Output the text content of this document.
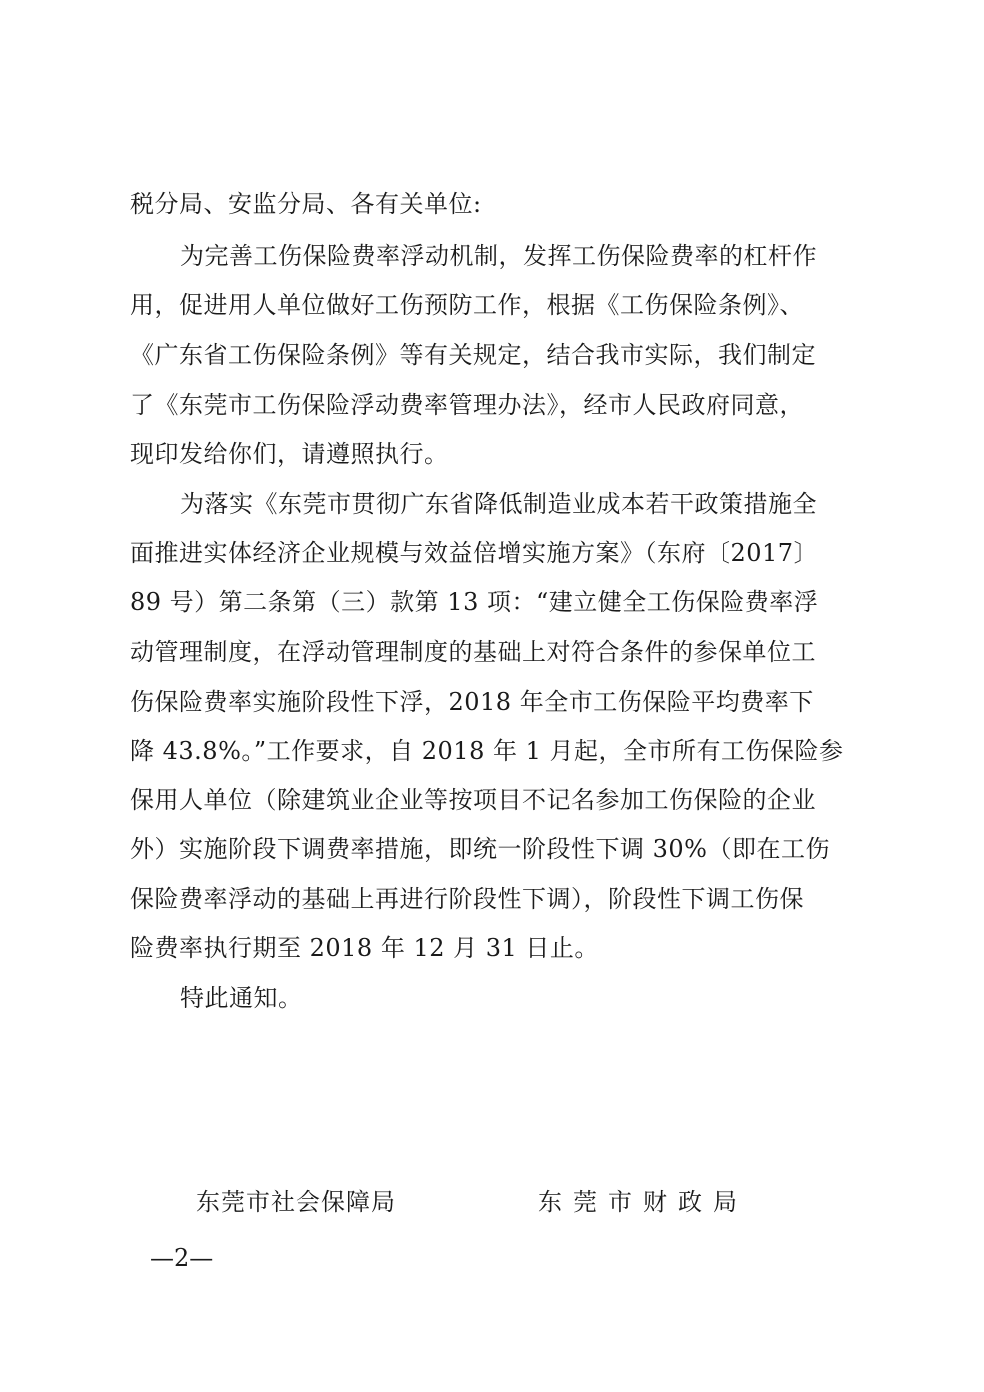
税分局、安监分局、各有关单位:
为完善工伤保险费率浮动机制，发挥工伤保险费率的杠杆作
用，促进用人单位做好工伤预防工作，根据《工伤保险条例》、
《广东省工伤保险条例》等有关规定，结合我市实际，我们制定
了《东莞市工伤保险浮动费率管理办法》，经市人民政府同意，
现印发给你们，请遵照执行。
为落实《东莞市贯彻广东省降低制造业成本若干政策措施全
面推进实体经济企业规模与效益倍增实施方案》（东府〔2017〕
89 号）第二条第（三）款第 13 项：“建立健全工伤保险费率浮
动管理制度，在浮动管理制度的基础上对符合条件的参保单位工
伤保险费率实施阶段性下浮，2018 年全市工伤保险平均费率下
降 43.8%。”工作要求，自 2018 年 1 月起，全市所有工伤保险参
保用人单位（除建筑业企业等按项目不记名参加工伤保险的企业
外）实施阶段下调费率措施，即统一阶段性下调 30%（即在工伤
保险费率浮动的基础上再进行阶段性下调），阶段性下调工伤保
险费率执行期至 2018 年 12 月 31 日止。
特此通知。
东莞市社会保障局	东莞市财政局
—2—
